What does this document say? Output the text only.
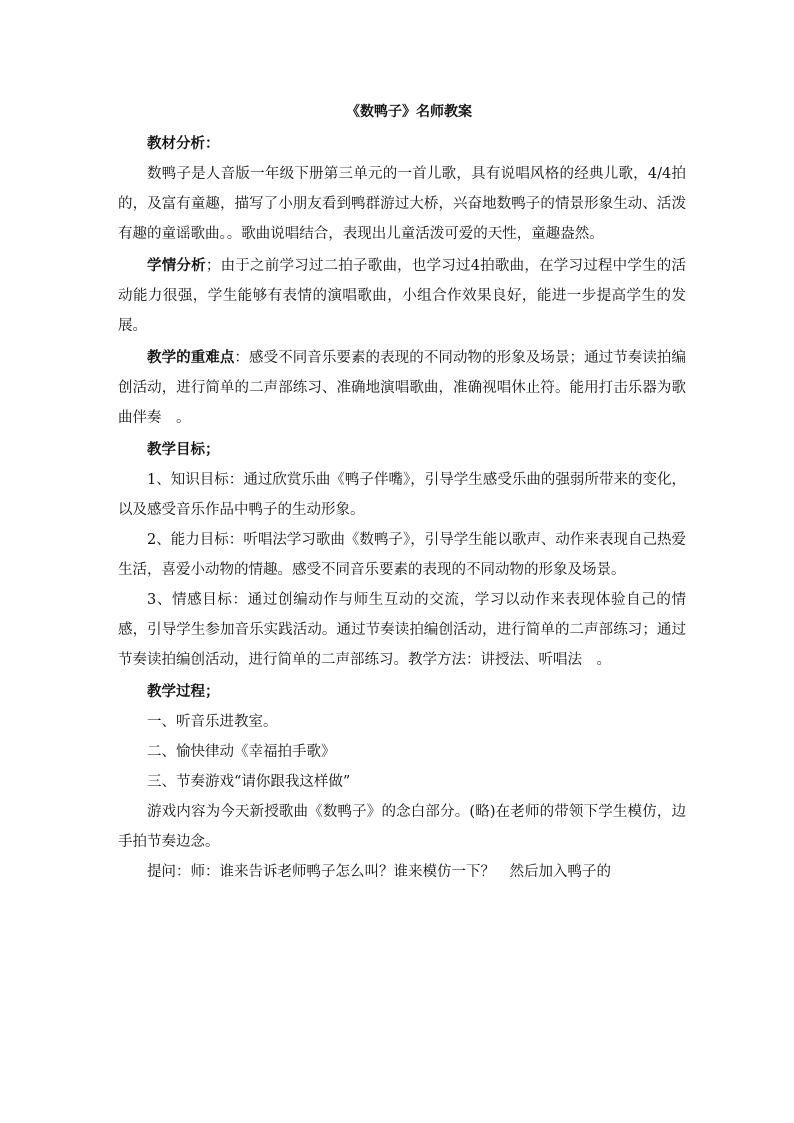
《数鸭子》名师教案

教材分析：

数鸭子是人音版一年级下册第三单元的一首儿歌，具有说唱风格的经典儿歌，4/4拍的，及富有童趣，描写了小朋友看到鸭群游过大桥，兴奋地数鸭子的情景形象生动、活泼有趣的童谣歌曲。。歌曲说唱结合，表现出儿童活泼可爱的天性，童趣盎然。

学情分析；由于之前学习过二拍子歌曲，也学习过4拍歌曲，在学习过程中学生的活动能力很强，学生能够有表情的演唱歌曲，小组合作效果良好，能进一步提高学生的发展。

教学的重难点：感受不同音乐要素的表现的不同动物的形象及场景；通过节奏读拍编创活动，进行简单的二声部练习、准确地演唱歌曲，准确视唱休止符。能用打击乐器为歌曲伴奏　。

教学目标；

1、知识目标：通过欣赏乐曲《鸭子伴嘴》，引导学生感受乐曲的强弱所带来的变化，以及感受音乐作品中鸭子的生动形象。

2、能力目标：听唱法学习歌曲《数鸭子》，引导学生能以歌声、动作来表现自己热爱生活，喜爱小动物的情趣。感受不同音乐要素的表现的不同动物的形象及场景。

3、情感目标：通过创编动作与师生互动的交流，学习以动作来表现体验自己的情感，引导学生参加音乐实践活动。通过节奏读拍编创活动，进行简单的二声部练习；通过节奏读拍编创活动，进行简单的二声部练习。教学方法：讲授法、听唱法　。

教学过程；

一、听音乐进教室。

二、愉快律动《幸福拍手歌》

三、节奏游戏“请你跟我这样做”

游戏内容为今天新授歌曲《数鸭子》的念白部分。(略)在老师的带领下学生模仿，边手拍节奏边念。

提问：师：谁来告诉老师鸭子怎么叫？谁来模仿一下？　然后加入鸭子的
